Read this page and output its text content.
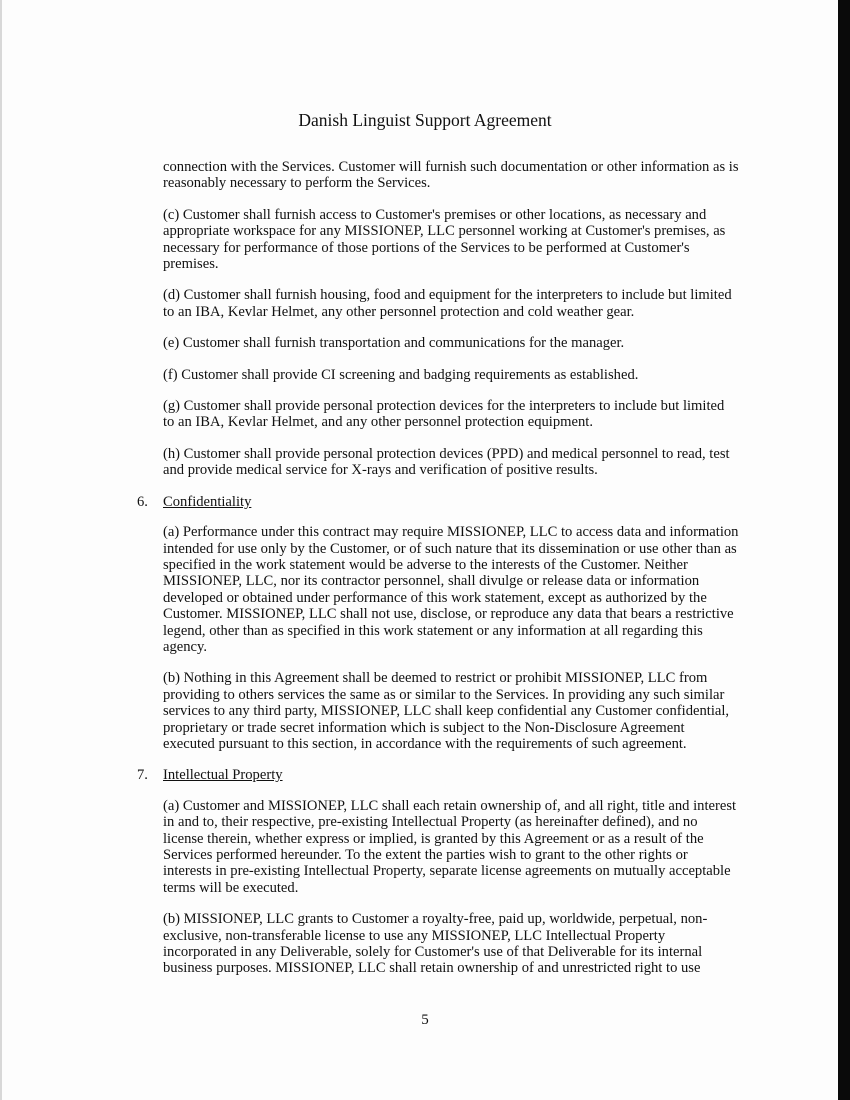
Danish Linguist Support Agreement

connection with the Services. Customer will furnish such documentation or other information as is reasonably necessary to perform the Services.

(c) Customer shall furnish access to Customer's premises or other locations, as necessary and appropriate workspace for any MISSIONEP, LLC personnel working at Customer's premises, as necessary for performance of those portions of the Services to be performed at Customer's premises.

(d) Customer shall furnish housing, food and equipment for the interpreters to include but limited to an IBA, Kevlar Helmet, any other personnel protection and cold weather gear.

(e) Customer shall furnish transportation and communications for the manager.

(f) Customer shall provide CI screening and badging requirements as established.

(g) Customer shall provide personal protection devices for the interpreters to include but limited to an IBA, Kevlar Helmet, and any other personnel protection equipment.

(h) Customer shall provide personal protection devices (PPD) and medical personnel to read, test and provide medical service for X-rays and verification of positive results.

6. Confidentiality

(a) Performance under this contract may require MISSIONEP, LLC to access data and information intended for use only by the Customer, or of such nature that its dissemination or use other than as specified in the work statement would be adverse to the interests of the Customer. Neither MISSIONEP, LLC, nor its contractor personnel, shall divulge or release data or information developed or obtained under performance of this work statement, except as authorized by the Customer. MISSIONEP, LLC shall not use, disclose, or reproduce any data that bears a restrictive legend, other than as specified in this work statement or any information at all regarding this agency.

(b) Nothing in this Agreement shall be deemed to restrict or prohibit MISSIONEP, LLC from providing to others services the same as or similar to the Services. In providing any such similar services to any third party, MISSIONEP, LLC shall keep confidential any Customer confidential, proprietary or trade secret information which is subject to the Non-Disclosure Agreement executed pursuant to this section, in accordance with the requirements of such agreement.

7. Intellectual Property

(a) Customer and MISSIONEP, LLC shall each retain ownership of, and all right, title and interest in and to, their respective, pre-existing Intellectual Property (as hereinafter defined), and no license therein, whether express or implied, is granted by this Agreement or as a result of the Services performed hereunder. To the extent the parties wish to grant to the other rights or interests in pre-existing Intellectual Property, separate license agreements on mutually acceptable terms will be executed.

(b) MISSIONEP, LLC grants to Customer a royalty-free, paid up, worldwide, perpetual, non-exclusive, non-transferable license to use any MISSIONEP, LLC Intellectual Property incorporated in any Deliverable, solely for Customer's use of that Deliverable for its internal business purposes. MISSIONEP, LLC shall retain ownership of and unrestricted right to use

5
